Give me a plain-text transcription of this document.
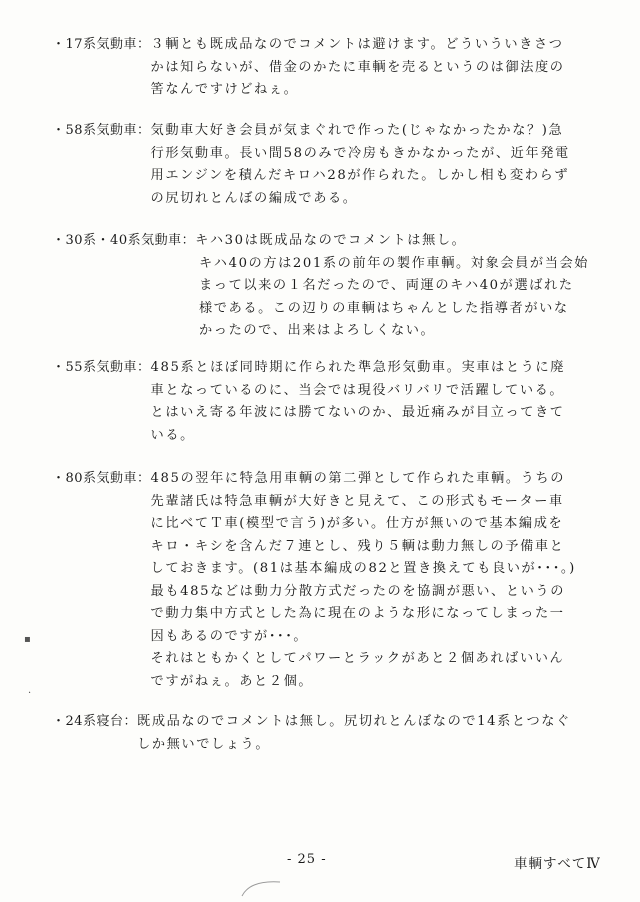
・17系気動車： ３輌とも既成品なのでコメントは避けます。どういういきさつ
かは知らないが、借金のかたに車輌を売るというのは御法度の
筈なんですけどねぇ。
・58系気動車： 気動車大好き会員が気まぐれで作った(じゃなかったかな？)急
行形気動車。長い間58のみで冷房もきかなかったが、近年発電
用エンジンを積んだキロハ28が作られた。しかし相も変わらず
の尻切れとんぼの編成である。
・30系・40系気動車： キハ30は既成品なのでコメントは無し。
キハ40の方は201系の前年の製作車輌。対象会員が当会始
まって以来の１名だったので、両運のキハ40が選ばれた
様である。この辺りの車輌はちゃんとした指導者がいな
かったので、出来はよろしくない。
・55系気動車： 485系とほぼ同時期に作られた準急形気動車。実車はとうに廃
車となっているのに、当会では現役バリバリで活躍している。
とはいえ寄る年波には勝てないのか、最近痛みが目立ってきて
いる。
・80系気動車： 485の翌年に特急用車輌の第二弾として作られた車輌。うちの
先輩諸氏は特急車輌が大好きと見えて、この形式もモーター車
に比べてＴ車(模型で言う)が多い。仕方が無いので基本編成を
キロ・キシを含んだ７連とし、残り５輌は動力無しの予備車と
しておきます。(81は基本編成の82と置き換えても良いが･･･。)
最も485などは動力分散方式だったのを協調が悪い、というの
で動力集中方式とした為に現在のような形になってしまった一
因もあるのですが･･･。
それはともかくとしてパワーとラックがあと２個あればいいん
ですがねぇ。あと２個。
・24系寝台： 既成品なのでコメントは無し。尻切れとんぼなので14系とつなぐ
しか無いでしょう。
▪
·
- 25 -	車輌すべてⅣ
